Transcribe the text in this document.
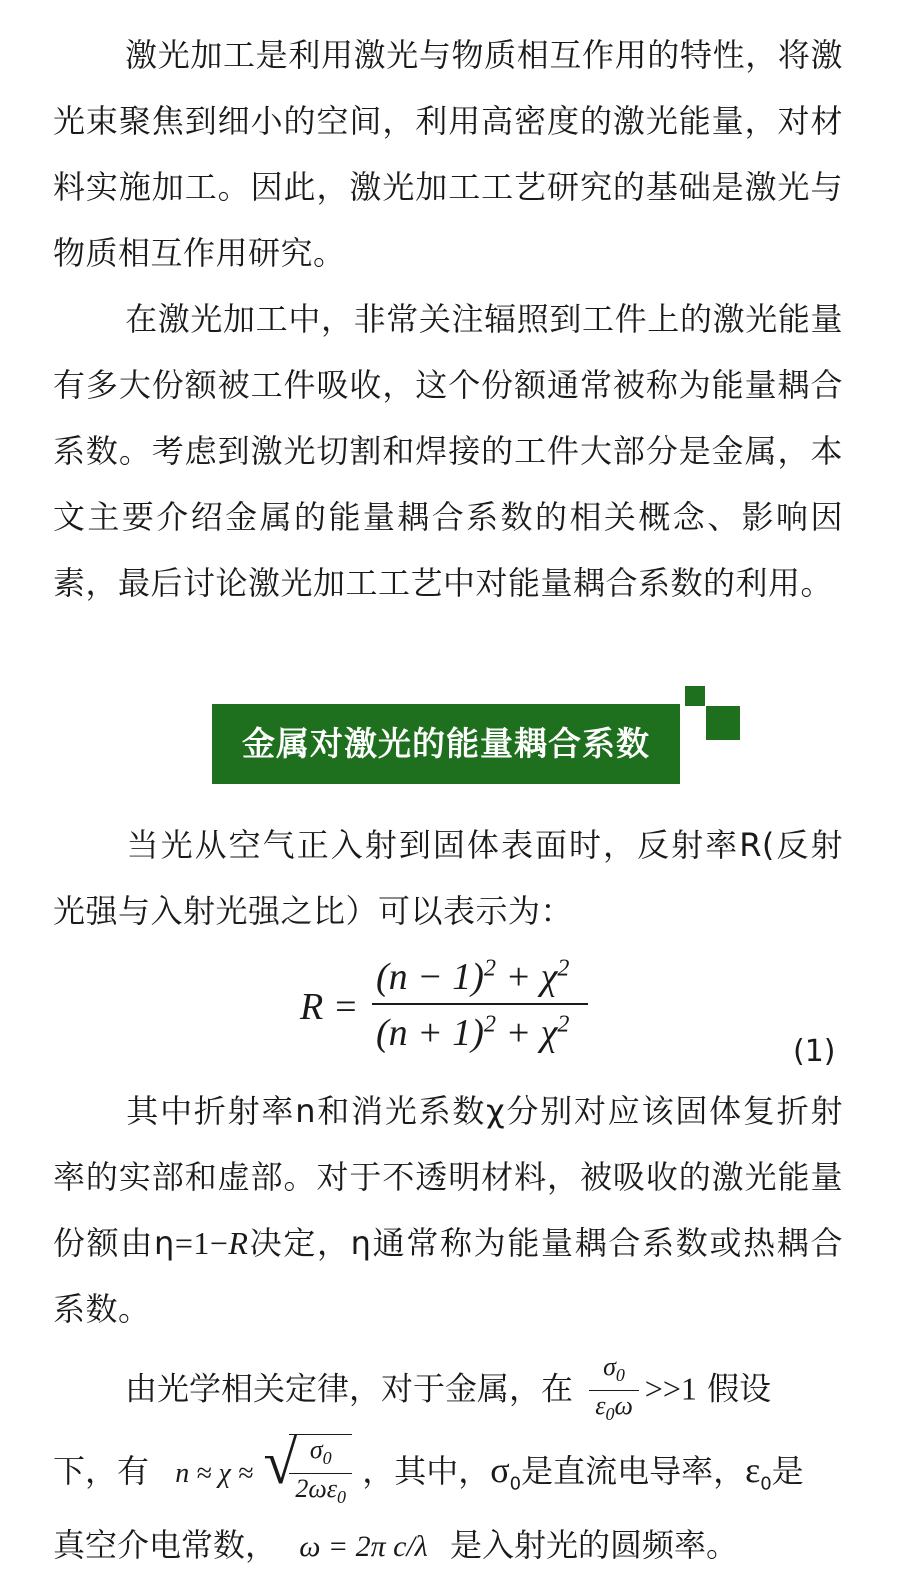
激光加工是利用激光与物质相互作用的特性，将激光束聚焦到细小的空间，利用高密度的激光能量，对材料实施加工。因此，激光加工工艺研究的基础是激光与物质相互作用研究。

在激光加工中，非常关注辐照到工件上的激光能量有多大份额被工件吸收，这个份额通常被称为能量耦合系数。考虑到激光切割和焊接的工件大部分是金属，本文主要介绍金属的能量耦合系数的相关概念、影响因素，最后讨论激光加工工艺中对能量耦合系数的利用。

金属对激光的能量耦合系数

当光从空气正入射到固体表面时，反射率R(反射光强与入射光强之比）可以表示为：

R =
$(n - 1)^2 + \chi^2$
$(n + 1)^2 + \chi^2$
(1)

其中折射率n和消光系数χ分别对应该固体复折射率的实部和虚部。对于不透明材料，被吸收的激光能量份额由η=1−R决定，η通常称为能量耦合系数或热耦合系数。

由光学相关定律，对于金属，在 $\frac{\sigma_0}{\varepsilon_0\omega} >>1$ 假设
下，有 n ≈ χ ≈ √
$\frac{\sigma_0}{2\omega\varepsilon_0}$ ，其中，$\sigma_0$是直流电导率，$\varepsilon_0$是
真空介电常数， ω = 2π c/λ 是入射光的圆频率。
